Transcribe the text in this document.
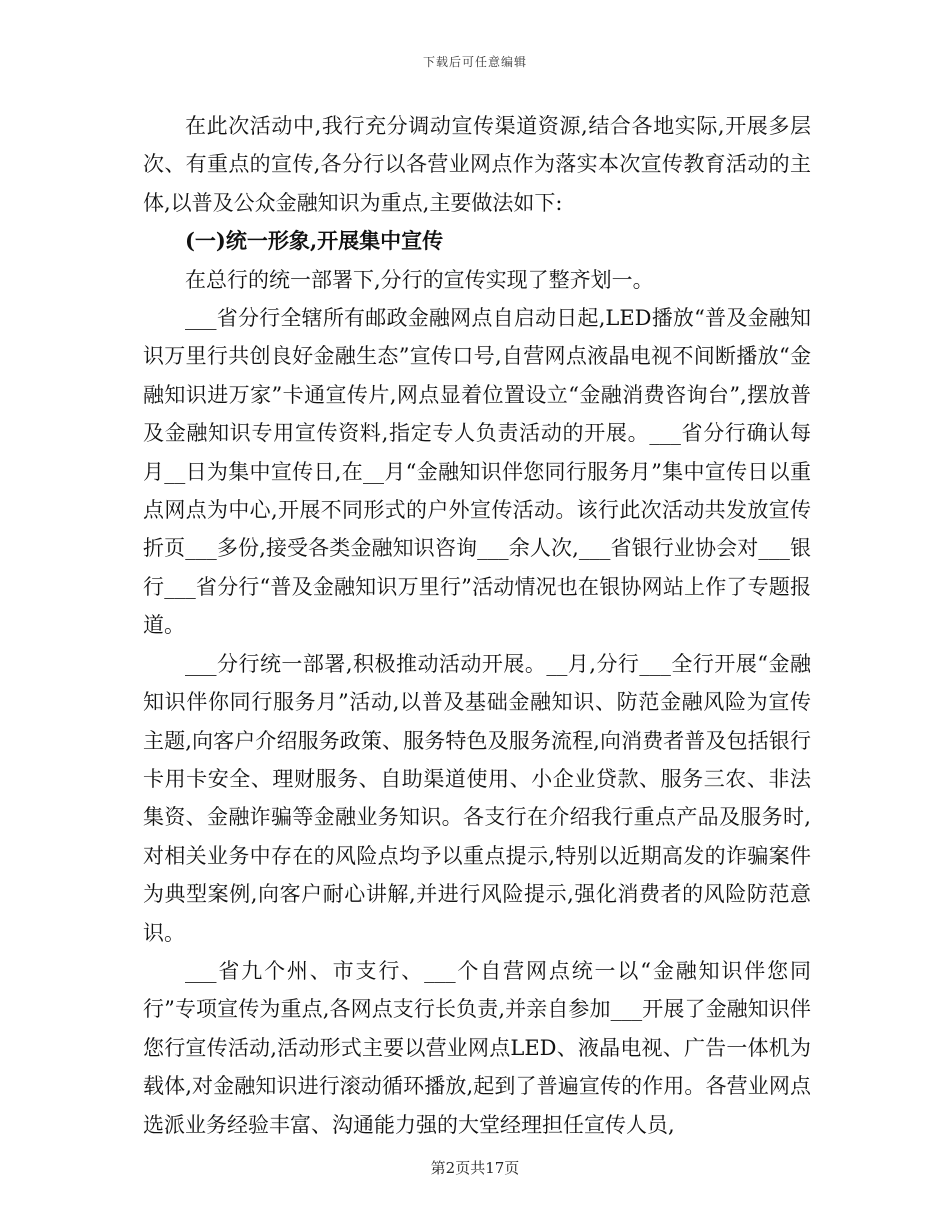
下载后可任意编辑

在此次活动中,我行充分调动宣传渠道资源,结合各地实际,开展多层次、有重点的宣传,各分行以各营业网点作为落实本次宣传教育活动的主体,以普及公众金融知识为重点,主要做法如下:

(一)统一形象,开展集中宣传

在总行的统一部署下,分行的宣传实现了整齐划一。

___省分行全辖所有邮政金融网点自启动日起,LED播放“普及金融知识万里行共创良好金融生态”宣传口号,自营网点液晶电视不间断播放“金融知识进万家”卡通宣传片,网点显着位置设立“金融消费咨询台”,摆放普及金融知识专用宣传资料,指定专人负责活动的开展。___省分行确认每月__日为集中宣传日,在__月“金融知识伴您同行服务月”集中宣传日以重点网点为中心,开展不同形式的户外宣传活动。该行此次活动共发放宣传折页___多份,接受各类金融知识咨询___余人次,___省银行业协会对___银行___省分行“普及金融知识万里行”活动情况也在银协网站上作了专题报道。

___分行统一部署,积极推动活动开展。__月,分行___全行开展“金融知识伴你同行服务月”活动,以普及基础金融知识、防范金融风险为宣传主题,向客户介绍服务政策、服务特色及服务流程,向消费者普及包括银行卡用卡安全、理财服务、自助渠道使用、小企业贷款、服务三农、非法集资、金融诈骗等金融业务知识。各支行在介绍我行重点产品及服务时,对相关业务中存在的风险点均予以重点提示,特别以近期高发的诈骗案件为典型案例,向客户耐心讲解,并进行风险提示,强化消费者的风险防范意识。

___省九个州、市支行、___个自营网点统一以“金融知识伴您同行”专项宣传为重点,各网点支行长负责,并亲自参加___开展了金融知识伴您行宣传活动,活动形式主要以营业网点LED、液晶电视、广告一体机为载体,对金融知识进行滚动循环播放,起到了普遍宣传的作用。各营业网点选派业务经验丰富、沟通能力强的大堂经理担任宣传人员,

第2页共17页
